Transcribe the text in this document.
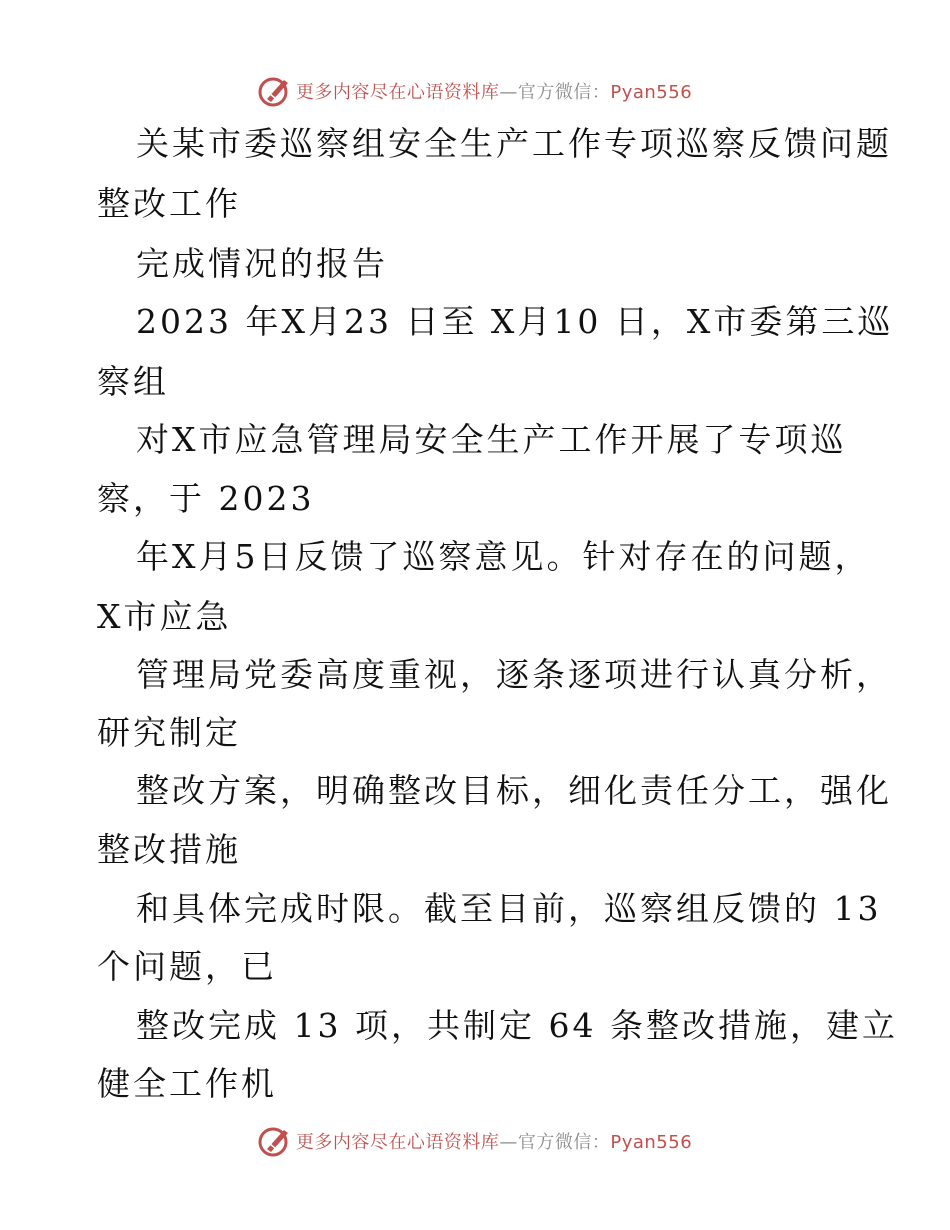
更多内容尽在心语资料库—官方微信：Pyan556
关某市委巡察组安全生产工作专项巡察反馈问题
整改工作
完成情况的报告
2023 年X月23 日至 X月10 日，X市委第三巡
察组
对X市应急管理局安全生产工作开展了专项巡
察，于 2023
年X月5日反馈了巡察意见。针对存在的问题，
X市应急
管理局党委高度重视，逐条逐项进行认真分析，
研究制定
整改方案，明确整改目标，细化责任分工，强化
整改措施
和具体完成时限。截至目前，巡察组反馈的 13
个问题，已
整改完成 13 项，共制定 64 条整改措施，建立
健全工作机
更多内容尽在心语资料库—官方微信：Pyan556
